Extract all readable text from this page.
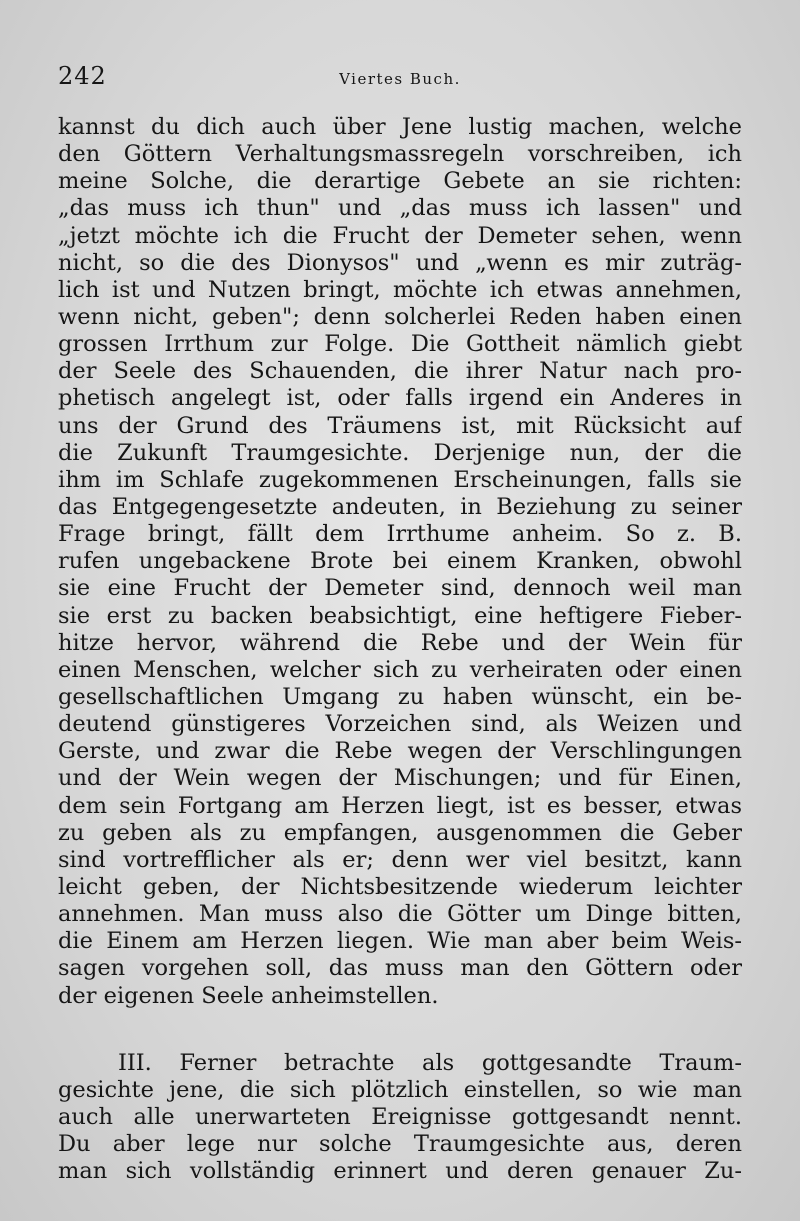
242	Viertes Buch.
kannst du dich auch über Jene lustig machen, welche
den Göttern Verhaltungsmassregeln vorschreiben, ich
meine Solche, die derartige Gebete an sie richten:
„das muss ich thun" und „das muss ich lassen" und
„jetzt möchte ich die Frucht der Demeter sehen, wenn
nicht, so die des Dionysos" und „wenn es mir zuträg-
lich ist und Nutzen bringt, möchte ich etwas annehmen,
wenn nicht, geben"; denn solcherlei Reden haben einen
grossen Irrthum zur Folge. Die Gottheit nämlich giebt
der Seele des Schauenden, die ihrer Natur nach pro-
phetisch angelegt ist, oder falls irgend ein Anderes in
uns der Grund des Träumens ist, mit Rücksicht auf
die Zukunft Traumgesichte. Derjenige nun, der die
ihm im Schlafe zugekommenen Erscheinungen, falls sie
das Entgegengesetzte andeuten, in Beziehung zu seiner
Frage bringt, fällt dem Irrthume anheim. So z. B.
rufen ungebackene Brote bei einem Kranken, obwohl
sie eine Frucht der Demeter sind, dennoch weil man
sie erst zu backen beabsichtigt, eine heftigere Fieber-
hitze hervor, während die Rebe und der Wein für
einen Menschen, welcher sich zu verheiraten oder einen
gesellschaftlichen Umgang zu haben wünscht, ein be-
deutend günstigeres Vorzeichen sind, als Weizen und
Gerste, und zwar die Rebe wegen der Verschlingungen
und der Wein wegen der Mischungen; und für Einen,
dem sein Fortgang am Herzen liegt, ist es besser, etwas
zu geben als zu empfangen, ausgenommen die Geber
sind vortrefflicher als er; denn wer viel besitzt, kann
leicht geben, der Nichtsbesitzende wiederum leichter
annehmen. Man muss also die Götter um Dinge bitten,
die Einem am Herzen liegen. Wie man aber beim Weis-
sagen vorgehen soll, das muss man den Göttern oder
der eigenen Seele anheimstellen.
III. Ferner betrachte als gottgesandte Traum-
gesichte jene, die sich plötzlich einstellen, so wie man
auch alle unerwarteten Ereignisse gottgesandt nennt.
Du aber lege nur solche Traumgesichte aus, deren
man sich vollständig erinnert und deren genauer Zu-
